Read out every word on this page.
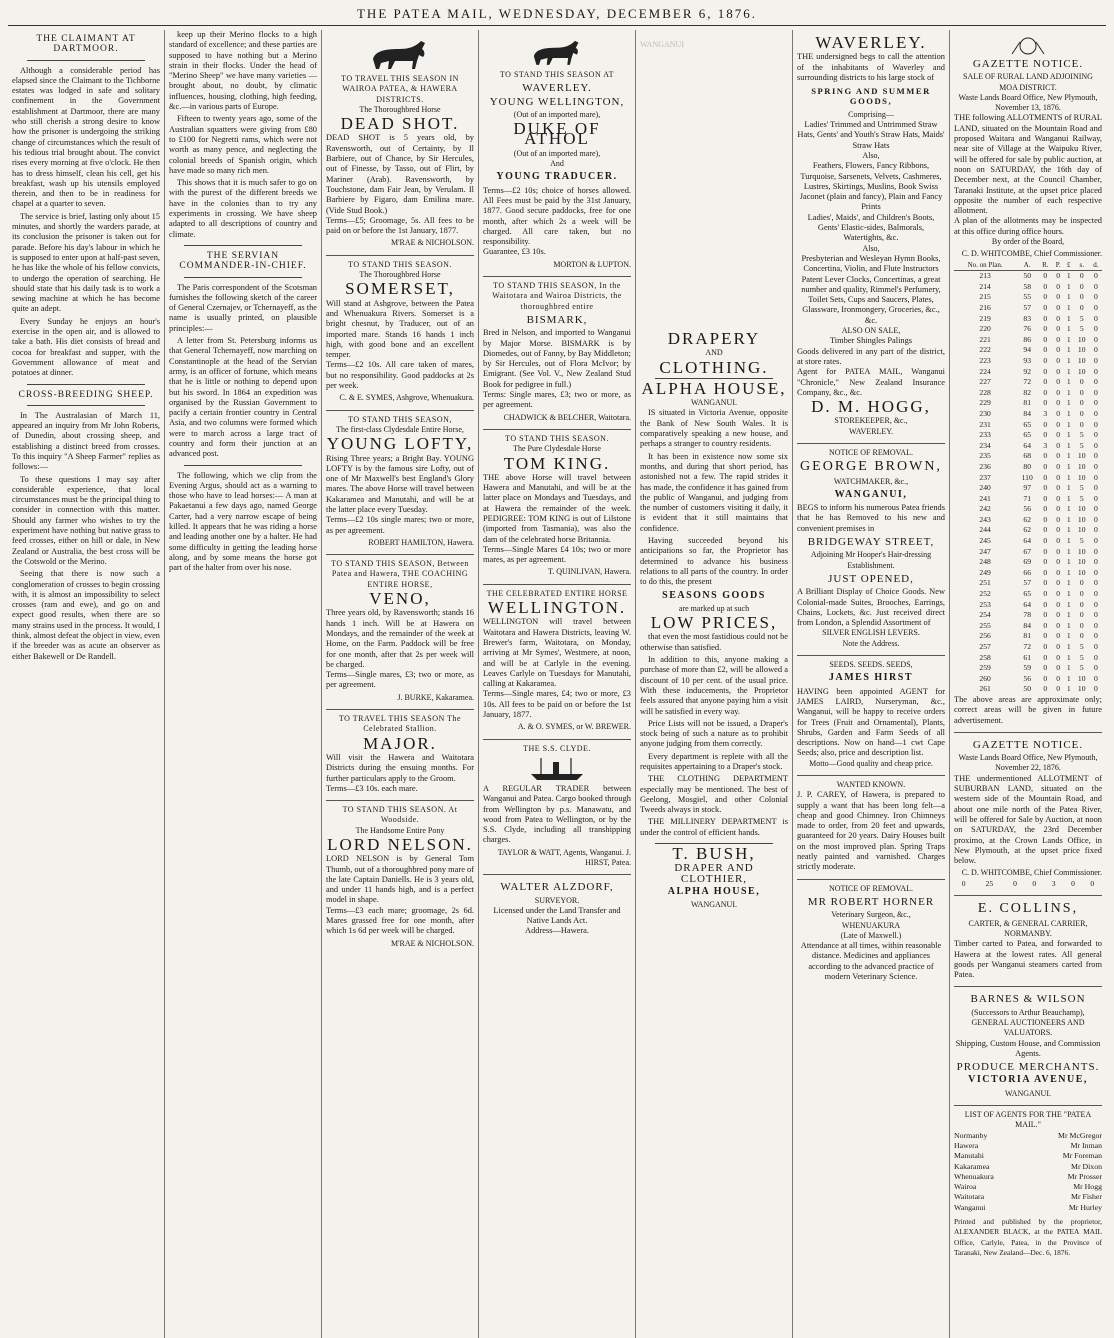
THE PATEA MAIL, WEDNESDAY, DECEMBER 6, 1876.
THE CLAIMANT AT DARTMOOR.

Although a considerable period has elapsed since the Claimant to the Tichborne estates was lodged in safe and solitary confinement in the Government establishment at Dartmoor, there are many who still cherish a strong desire to know how the prisoner is undergoing the striking change of circumstances which the result of his tedious trial brought about. The convict rises every morning at five o'clock. He then has to dress himself, clean his cell, get his breakfast, wash up his utensils employed therein, and then to be in readiness for chapel at a quarter to seven.

The service is brief, lasting only about 15 minutes, and shortly the warders parade, at its conclusion the prisoner is taken out for parade. Before his day's labour in which he is supposed to enter upon at half-past seven, he has like the whole of his fellow convicts, to undergo the operation of searching. He should state that his daily task is to work a sewing machine at which he has become quite an adept.

Every Sunday he enjoys an hour's exercise in the open air, and is allowed to take a bath. His diet consists of bread and cocoa for breakfast and supper, with the Government allowance of meat and potatoes at dinner.

CROSS-BREEDING SHEEP.

In The Australasian of March 11, appeared an inquiry from Mr John Roberts, of Dunedin, about crossing sheep, and establishing a distinct breed from crosses. To this inquiry "A Sheep Farmer" replies as follows:—

To these questions I may say after considerable experience, that local circumstances must be the principal thing to consider in connection with this matter. Should any farmer who wishes to try the experiment have nothing but native grass to feed crosses, either on hill or dale, in New Zealand or Australia, the best cross will be the Cotswold or the Merino.

Seeing that there is now such a conglomeration of crosses to begin crossing with, it is almost an impossibility to select crosses (ram and ewe), and go on and expect good results, when there are so many strains used in the process. It would, I think, almost defeat the object in view, even if the breeder was as acute an observer as either Bakewell or De Randell.

keep up their Merino flocks to a high standard of excellence; and these parties are supposed to have nothing but a Merino strain in their flocks. Under the head of "Merino Sheep" we have many varieties — brought about, no doubt, by climatic influences, housing, clothing, high feeding, &c.—in various parts of Europe.

Fifteen to twenty years ago, some of the Australian squatters were giving from £80 to £100 for Negretti rams, which were not worth as many pence, and neglecting the colonial breeds of Spanish origin, which have made so many rich men.

This shows that it is much safer to go on with the purest of the different breeds we have in the colonies than to try any experiments in crossing. We have sheep adapted to all descriptions of country and climate.

THE SERVIAN COMMANDER-IN-CHIEF.

The Paris correspondent of the Scotsman furnishes the following sketch of the career of General Czernajev, or Tchernayeff, as the name is usually printed, on plausible principles:—

A letter from St. Petersburg informs us that General Tchernayeff, now marching on Constantinople at the head of the Servian army, is an officer of fortune, which means that he is little or nothing to depend upon but his sword. In 1864 an expedition was organised by the Russian Government to pacify a certain frontier country in Central Asia, and two columns were formed which were to march across a large tract of country and form their junction at an advanced post.

The following, which we clip from the Evening Argus, should act as a warning to those who have to lead horses:— A man at Pakaetanui a few days ago, named George Carter, had a very narrow escape of being killed. It appears that he was riding a horse and leading another one by a halter. He had some difficulty in getting the leading horse along, and by some means the horse got part of the halter from over his nose.

TO TRAVEL THIS SEASON IN WAIROA PATEA, & HAWERA DISTRICTS.
The Thoroughbred Horse
DEAD SHOT.
DEAD SHOT is 5 years old, by Ravensworth, out of Certainty, by Il Barbiere, out of Chance, by Sir Hercules, out of Finesse, by Tasso, out of Flirt, by Mariner (Arab). Ravensworth, by Touchstone, dam Fair Jean, by Verulam. Il Barbiere by Figaro, dam Emilina mare. (Vide Stud Book.)
Terms—£5; Groomage, 5s. All fees to be paid on or before the 1st January, 1877.
M'RAE & NICHOLSON.
TO STAND THIS SEASON.
The Thoroughbred Horse
SOMERSET,
Will stand at Ashgrove, between the Patea and Whenuakura Rivers. Somerset is a bright chesnut, by Traducer, out of an imported mare. Stands 16 hands 1 inch high, with good bone and an excellent temper.
Terms—£2 10s. All care taken of mares, but no responsibility. Good paddocks at 2s per week.
C. & E. SYMES, Ashgrove, Whenuakura.
TO STAND THIS SEASON,
The first-class Clydesdale Entire Horse,
YOUNG LOFTY,
Rising Three years; a Bright Bay. YOUNG LOFTY is by the famous sire Lofty, out of one of Mr Maxwell's best England's Glory mares. The above Horse will travel between Kakaramea and Manutahi, and will be at the latter place every Tuesday.
Terms—£2 10s single mares; two or more, as per agreement.
ROBERT HAMILTON, Hawera.
TO STAND THIS SEASON, Between Patea and Hawera, THE COACHING ENTIRE HORSE,
VENO,
Three years old, by Ravensworth; stands 16 hands 1 inch. Will be at Hawera on Mondays, and the remainder of the week at Home, on the Farm. Paddock will be free for one month, after that 2s per week will be charged.
Terms—Single mares, £3; two or more, as per agreement.
J. BURKE, Kakaramea.
TO TRAVEL THIS SEASON The Celebrated Stallion.
MAJOR.
Will visit the Hawera and Waitotara Districts during the ensuing months. For further particulars apply to the Groom.
Terms—£3 10s. each mare.
TO STAND THIS SEASON. At Woodside.
The Handsome Entire Pony
LORD NELSON.
LORD NELSON is by General Tom Thumb, out of a thoroughbred pony mare of the late Captain Daniells. He is 3 years old, and under 11 hands high, and is a perfect model in shape.
Terms—£3 each mare; groomage, 2s 6d. Mares grassed free for one month, after which 1s 6d per week will be charged.
M'RAE & NICHOLSON.
TO STAND THIS SEASON AT
WAVERLEY.
YOUNG WELLINGTON,
(Out of an imported mare),
DUKE OF ATHOL
(Out of an imported mare),
And
YOUNG TRADUCER.
Terms—£2 10s; choice of horses allowed. All Fees must be paid by the 31st January, 1877. Good secure paddocks, free for one month, after which 2s a week will be charged. All care taken, but no responsibility.
Guarantee, £3 10s.
MORTON & LUPTON.
TO STAND THIS SEASON, In the Waitotara and Wairoa Districts, the thoroughbred entire
BISMARK,
Bred in Nelson, and imported to Wanganui by Major Morse. BISMARK is by Diomedes, out of Fanny, by Bay Middleton; by Sir Hercules, out of Flora McIvor; by Emigrant. (See Vol. V., New Zealand Stud Book for pedigree in full.)
Terms: Single mares, £3; two or more, as per agreement.
CHADWICK & BELCHER, Waitotara.
TO STAND THIS SEASON.
The Pure Clydesdale Horse
TOM KING.
THE above Horse will travel between Hawera and Manutahi, and will be at the latter place on Mondays and Tuesdays, and at Hawera the remainder of the week. PEDIGREE: TOM KING is out of Lilstone (imported from Tasmania), was also the dam of the celebrated horse Britannia.
Terms—Single Mares £4 10s; two or more mares, as per agreement.
T. QUINLIVAN, Hawera.
THE CELEBRATED ENTIRE HORSE
WELLINGTON.
WELLINGTON will travel between Waitotara and Hawera Districts, leaving W. Brewer's farm, Waitotara, on Monday, arriving at Mr Symes', Westmere, at noon, and will be at Carlyle in the evening. Leaves Carlyle on Tuesdays for Manutahi, calling at Kakaramea.
Terms—Single mares, £4; two or more, £3 10s. All fees to be paid on or before the 1st January, 1877.
A. & O. SYMES, or W. BREWER.
THE S.S. CLYDE.
A REGULAR TRADER between Wanganui and Patea. Cargo booked through from Wellington by p.s. Manawatu, and wood from Patea to Wellington, or by the S.S. Clyde, including all transhipping charges.
TAYLOR & WATT, Agents, Wanganui. J. HIRST, Patea.
WALTER ALZDORF,
SURVEYOR.
Licensed under the Land Transfer and Native Lands Act.
Address—Hawera.
WANGANUI
DRAPERY
AND
CLOTHING.
ALPHA HOUSE,
WANGANUI.

IS situated in Victoria Avenue, opposite the Bank of New South Wales. It is comparatively speaking a new house, and perhaps a stranger to country residents.

It has been in existence now some six months, and during that short period, has astonished not a few. The rapid strides it has made, the confidence it has gained from the public of Wanganui, and judging from the number of customers visiting it daily, it is evident that it still maintains that confidence.

Having succeeded beyond his anticipations so far, the Proprietor has determined to advance his business relations to all parts of the country. In order to do this, the present

SEASONS GOODS
are marked up at such
LOW PRICES,

that even the most fastidious could not be otherwise than satisfied.

In addition to this, anyone making a purchase of more than £2, will be allowed a discount of 10 per cent. of the usual price. With these inducements, the Proprietor feels assured that anyone paying him a visit will be satisfied in every way.

Price Lists will not be issued, a Draper's stock being of such a nature as to prohibit anyone judging from them correctly.

Every department is replete with all the requisites appertaining to a Draper's stock.

THE CLOTHING DEPARTMENT especially may be mentioned. The best of Geelong, Mosgiel, and other Colonial Tweeds always in stock.

THE MILLINERY DEPARTMENT is under the control of efficient hands.

T. BUSH,
DRAPER AND CLOTHIER,
ALPHA HOUSE,
WANGANUI.
WAVERLEY.
THE undersigned begs to call the attention of the inhabitants of Waverley and surrounding districts to his large stock of
SPRING AND SUMMER GOODS,
Comprising—
Ladies' Trimmed and Untrimmed Straw Hats, Gents' and Youth's Straw Hats, Maids' Straw Hats
Also,
Feathers, Flowers, Fancy Ribbons, Turquoise, Sarsenets, Velvets, Cashmeres, Lustres, Skirtings, Muslins, Book Swiss Jaconet (plain and fancy), Plain and Fancy Prints
Ladies', Maids', and Children's Boots, Gents' Elastic-sides, Balmorals, Watertights, &c.
Also,
Presbyterian and Wesleyan Hymn Books, Concertina, Violin, and Flute Instructors
Patent Lever Clocks, Concertinas, a great number and quality, Rimmel's Perfumery, Toilet Sets, Cups and Saucers, Plates, Glassware, Ironmongery, Groceries, &c., &c.
ALSO ON SALE,
Timber Shingles Palings
Goods delivered in any part of the district, at store rates.
Agent for PATEA MAIL, Wanganui "Chronicle," New Zealand Insurance Company, &c., &c.
D. M. HOGG,
STOREKEEPER, &c.,
WAVERLEY.
NOTICE OF REMOVAL.
GEORGE BROWN,
WATCHMAKER, &c.,
WANGANUI,
BEGS to inform his numerous Patea friends that he has Removed to his new and convenient premises in
BRIDGEWAY STREET,
Adjoining Mr Hooper's Hair-dressing Establishment.
JUST OPENED,
A Brilliant Display of Choice Goods. New Colonial-made Suites, Brooches, Earrings, Chains, Lockets, &c. Just received direct from London, a Splendid Assortment of
SILVER ENGLISH LEVERS.
Note the Address.
SEEDS. SEEDS. SEEDS,
JAMES HIRST
HAVING been appointed AGENT for JAMES LAIRD, Nurseryman, &c., Wanganui, will be happy to receive orders for Trees (Fruit and Ornamental), Plants, Shrubs, Garden and Farm Seeds of all descriptions. Now on hand—1 cwt Cape Seeds; also, price and description list.
Motto—Good quality and cheap price.
WANTED KNOWN.
J. P. CAREY, of Hawera, is prepared to supply a want that has been long felt—a cheap and good Chimney. Iron Chimneys made to order, from 20 feet and upwards, guaranteed for 20 years. Dairy Houses built on the most improved plan. Spring Traps neatly painted and varnished. Charges strictly moderate.
NOTICE OF REMOVAL.
MR ROBERT HORNER
Veterinary Surgeon, &c.,
WHENUAKURA
(Late of Maxwell.)
Attendance at all times, within reasonable distance. Medicines and appliances according to the advanced practice of modern Veterinary Science.
GAZETTE NOTICE.
SALE OF RURAL LAND ADJOINING MOA DISTRICT.
Waste Lands Board Office, New Plymouth, November 13, 1876.
THE following ALLOTMENTS of RURAL LAND, situated on the Mountain Road and proposed Waitara and Wanganui Railway, near site of Village at the Waipuku River, will be offered for sale by public auction, at noon on SATURDAY, the 16th day of December next, at the Council Chamber, Taranaki Institute, at the upset price placed opposite the number of each respective allotment.
A plan of the allotments may be inspected at this office during office hours.
By order of the Board,
C. D. WHITCOMBE, Chief Commissioner.
No. on Plan.	A.	R.	P.	£	s.	d.
213	50	0	0	1	0	0
214	58	0	0	1	0	0
215	55	0	0	1	0	0
216	57	0	0	1	0	0
219	83	0	0	1	5	0
220	76	0	0	1	5	0
221	86	0	0	1	10	0
222	94	0	0	1	10	0
223	93	0	0	1	10	0
224	92	0	0	1	10	0
227	72	0	0	1	0	0
228	82	0	0	1	0	0
229	81	0	0	1	0	0
230	84	3	0	1	0	0
231	65	0	0	1	0	0
233	65	0	0	1	5	0
234	64	3	0	1	5	0
235	68	0	0	1	10	0
236	80	0	0	1	10	0
237	110	0	0	1	10	0
240	97	0	0	1	5	0
241	71	0	0	1	5	0
242	56	0	0	1	10	0
243	62	0	0	1	10	0
244	62	0	0	1	10	0
245	64	0	0	1	5	0
247	67	0	0	1	10	0
248	69	0	0	1	10	0
249	66	0	0	1	10	0
251	57	0	0	1	0	0
252	65	0	0	1	0	0
253	64	0	0	1	0	0
254	78	0	0	1	0	0
255	84	0	0	1	0	0
256	81	0	0	1	0	0
257	72	0	0	1	5	0
258	61	0	0	1	5	0
259	59	0	0	1	5	0
260	56	0	0	1	10	0
261	50	0	0	1	10	0
The above areas are approximate only; correct areas will be given in future advertisement.
GAZETTE NOTICE.
Waste Lands Board Office, New Plymouth, November 22, 1876.
THE undermentioned ALLOTMENT of SUBURBAN LAND, situated on the western side of the Mountain Road, and about one mile north of the Patea River, will be offered for Sale by Auction, at noon on SATURDAY, the 23rd December proximo, at the Crown Lands Office, in New Plymouth, at the upset price fixed below.
C. D. WHITCOMBE, Chief Commissioner.
0	25	0	0	3	0	0
E. COLLINS,
CARTER, & GENERAL CARRIER, NORMANBY.
Timber carted to Patea, and forwarded to Hawera at the lowest rates. All general goods per Wanganui steamers carted from Patea.
BARNES & WILSON
(Successors to Arthur Beauchamp), GENERAL AUCTIONEERS AND VALUATORS.
Shipping, Custom House, and Commission Agents.
PRODUCE MERCHANTS.
VICTORIA AVENUE,
WANGANUI.
LIST OF AGENTS FOR THE "PATEA MAIL."
Normanby	Mr McGregor
Hawera	Mr Inman
Manutahi	Mr Foreman
Kakaramea	Mr Dixon
Whenuakura	Mr Prosser
Wairoa	Mr Hogg
Waitotara	Mr Fisher
Wanganui	Mr Hurley
Printed and published by the proprietor, ALEXANDER BLACK, at the PATEA MAIL Office, Carlyle, Patea, in the Province of Taranaki, New Zealand—Dec. 6, 1876.
